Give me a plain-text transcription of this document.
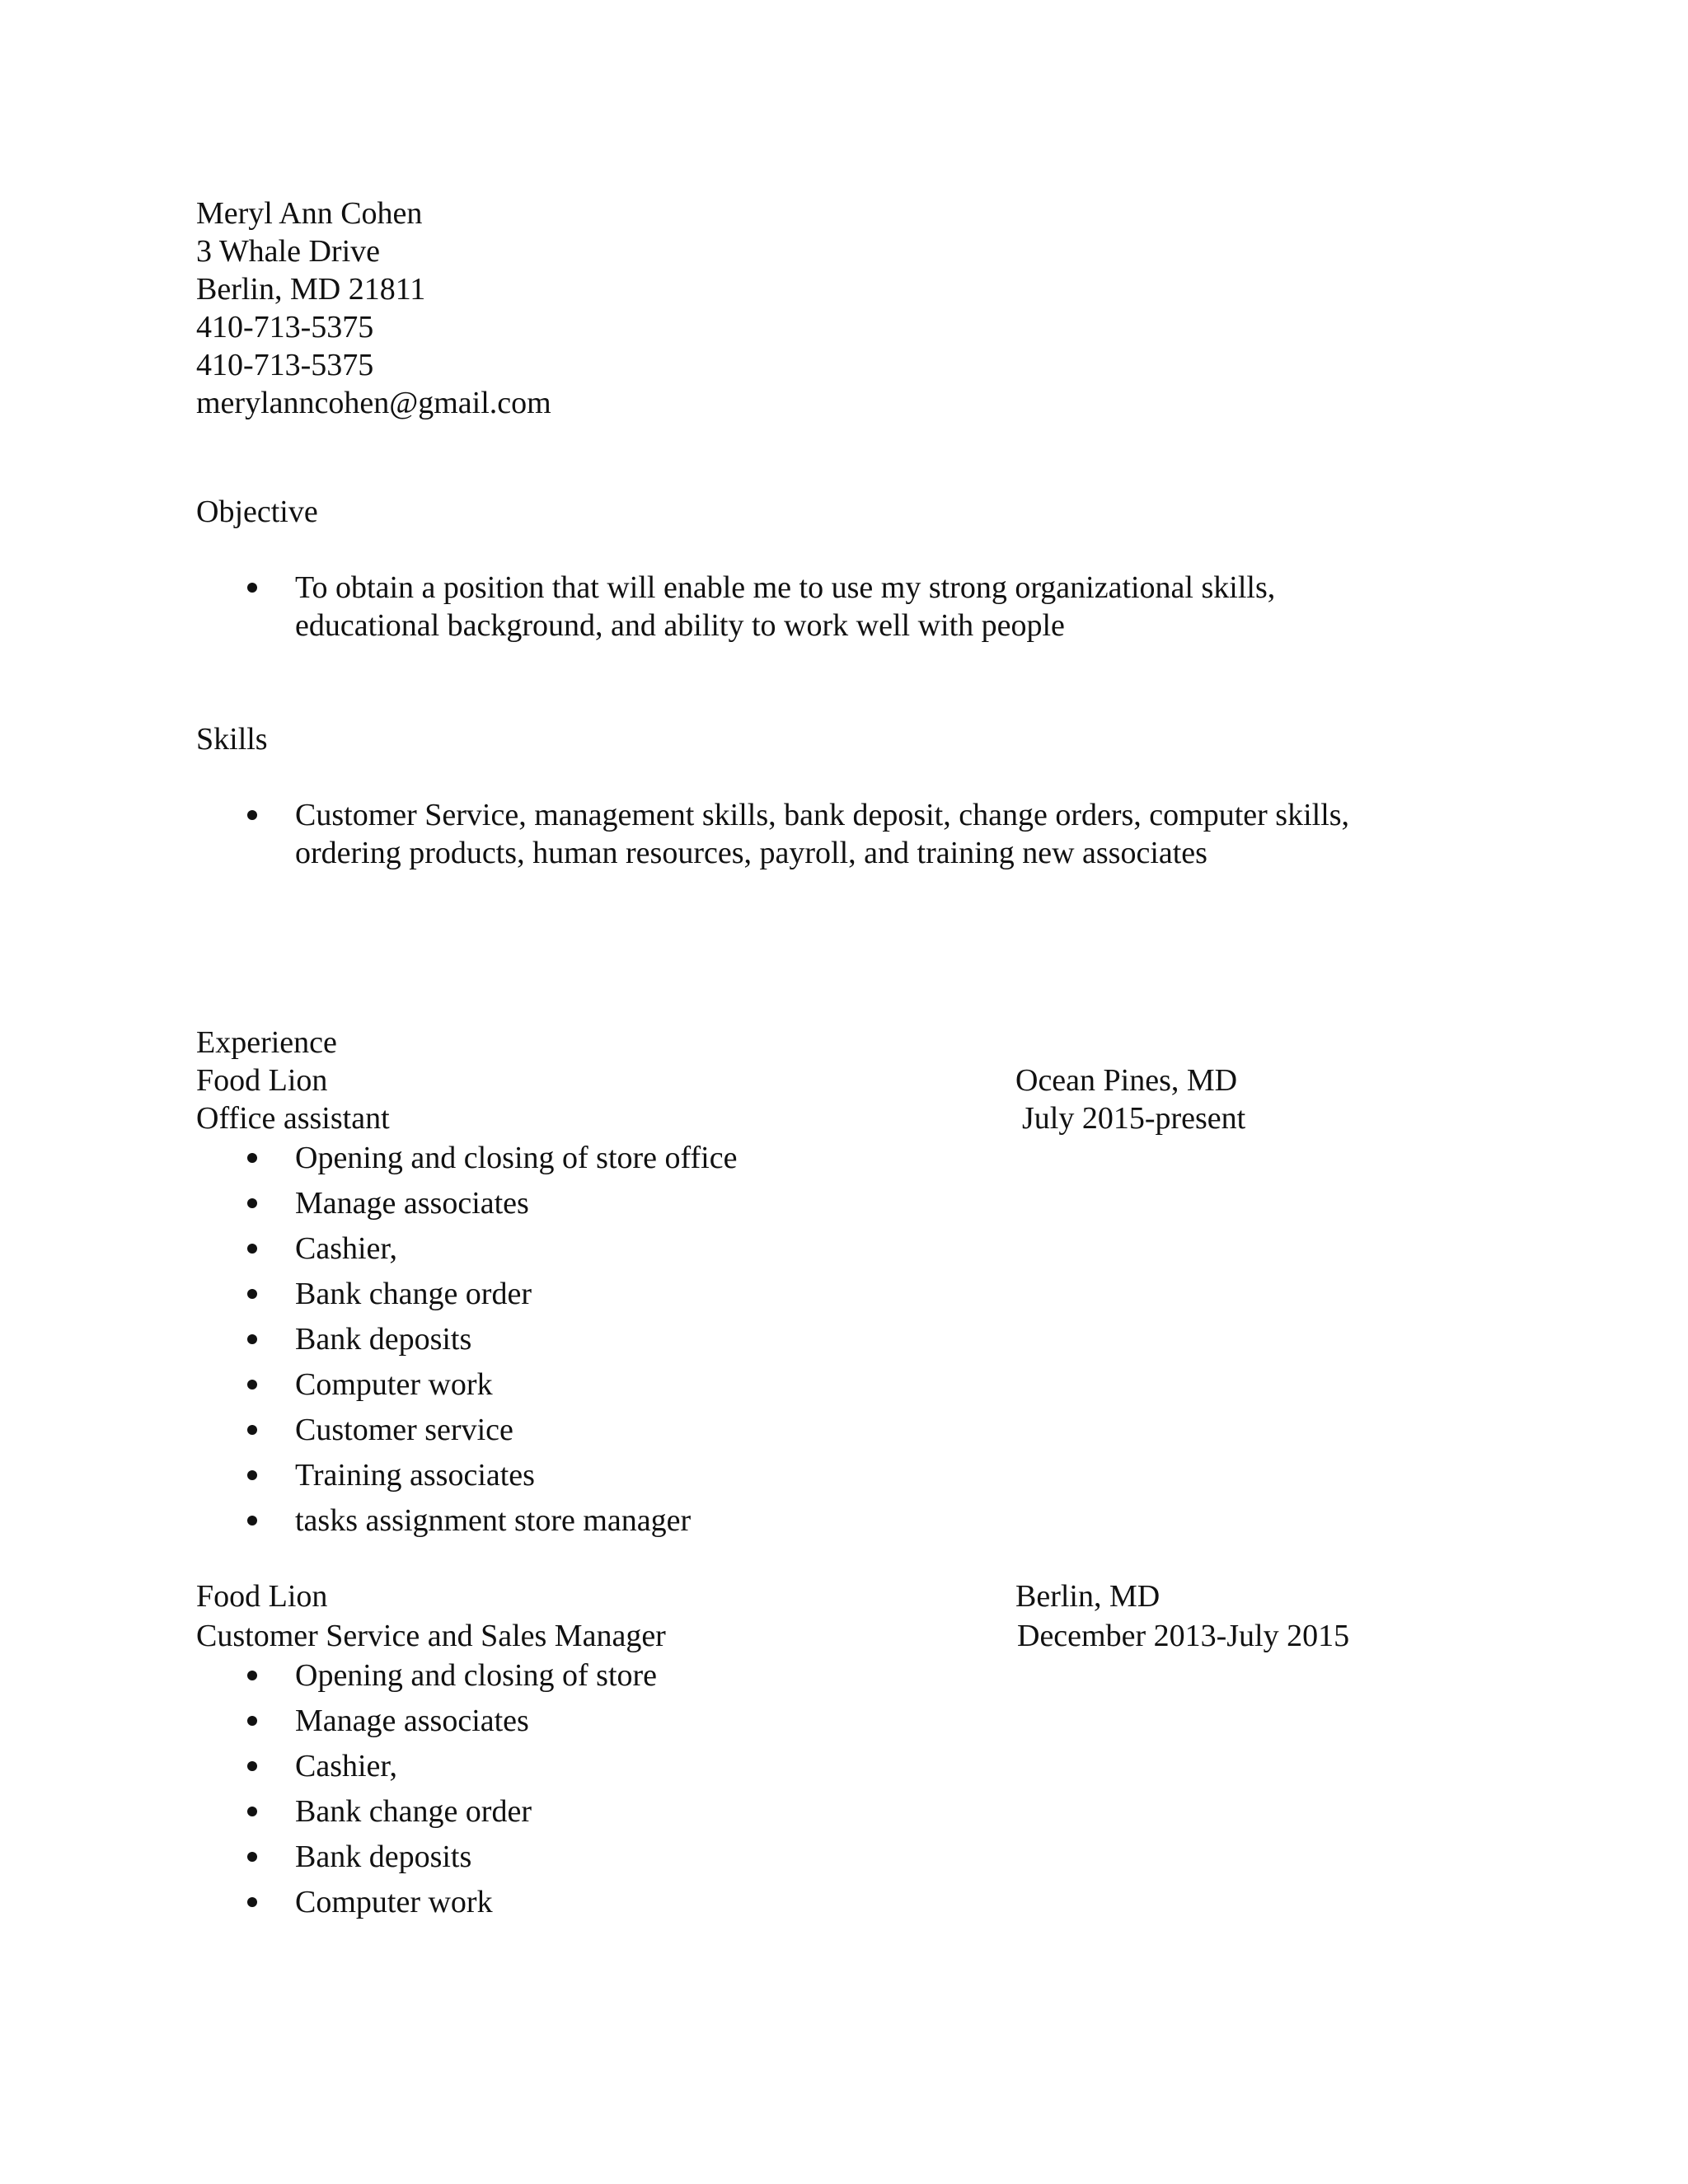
Meryl Ann Cohen
3 Whale Drive
Berlin, MD 21811
410-713-5375
410-713-5375
merylanncohen@gmail.com
Objective
To obtain a position that will enable me to use my strong organizational skills,
educational background, and ability to work well with people
Skills
Customer Service, management skills, bank deposit, change orders, computer skills,
ordering products, human resources, payroll, and training new associates
Experience
Food Lion	Ocean Pines, MD
Office assistant	July 2015-present
Opening and closing of store office
Manage associates
Cashier,
Bank change order
Bank deposits
Computer work
Customer service
Training associates
tasks assignment store manager
Food Lion	Berlin, MD
Customer Service and Sales Manager	December 2013-July 2015
Opening and closing of store
Manage associates
Cashier,
Bank change order
Bank deposits
Computer work
